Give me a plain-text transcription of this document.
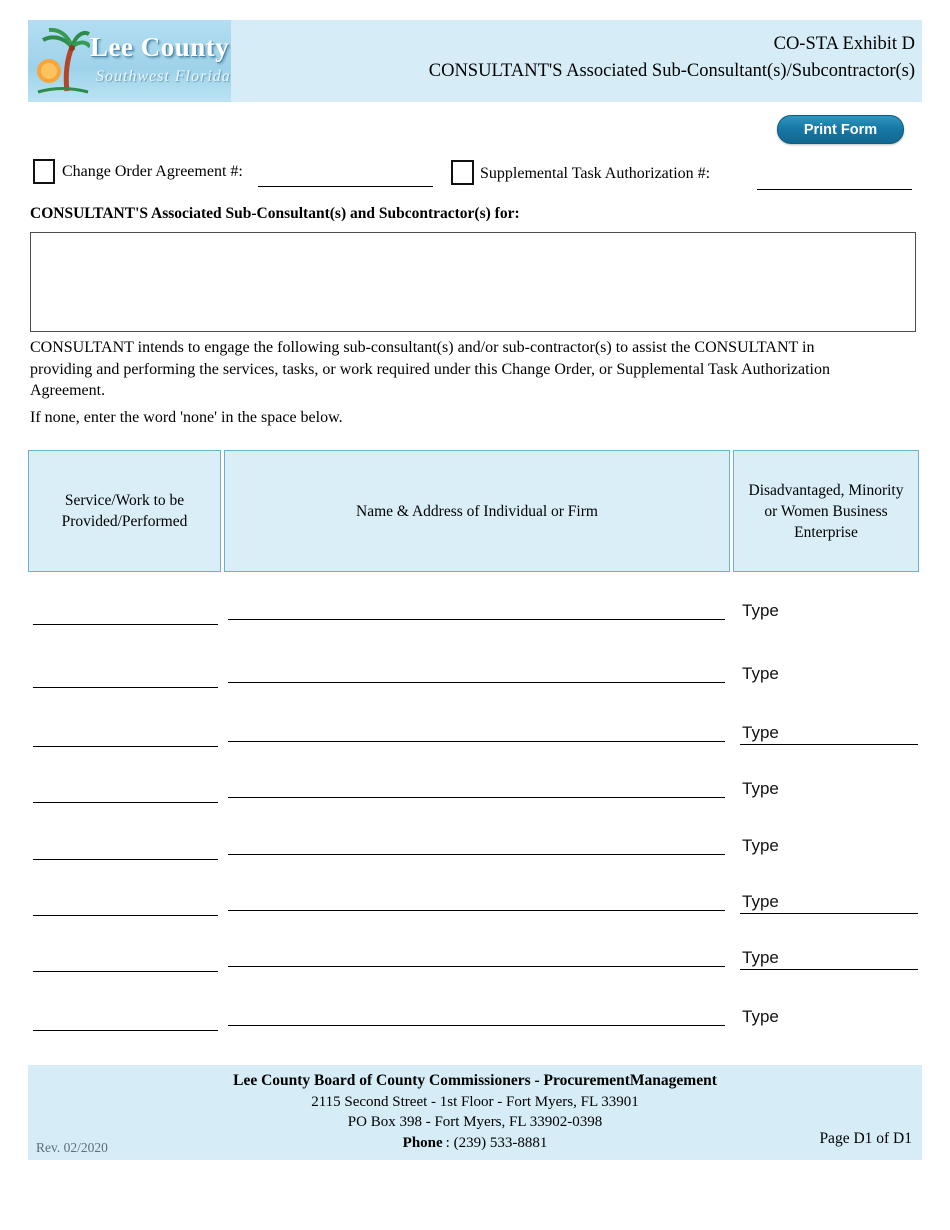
Lee County
Southwest Florida
CO-STA Exhibit D
CONSULTANT'S Associated Sub-Consultant(s)/Subcontractor(s)
Print Form
Change Order Agreement #:	Supplemental Task Authorization #:
CONSULTANT'S Associated Sub-Consultant(s) and Subcontractor(s) for:
CONSULTANT intends to engage the following sub-consultant(s) and/or sub-contractor(s) to assist the CONSULTANT in providing and performing the services, tasks, or work required under this Change Order, or Supplemental Task Authorization Agreement.
If none, enter the word 'none' in the space below.
Service/Work to be Provided/Performed
Name & Address of Individual or Firm
Disadvantaged, Minority or Women Business Enterprise
Type
Type
Type
Type
Type
Type
Type
Type
Lee County Board of County Commissioners - ProcurementManagement
2115 Second Street - 1st Floor - Fort Myers, FL 33901
PO Box 398 - Fort Myers, FL 33902-0398
Phone : (239) 533-8881
Rev. 02/2020
Page D1 of D1
